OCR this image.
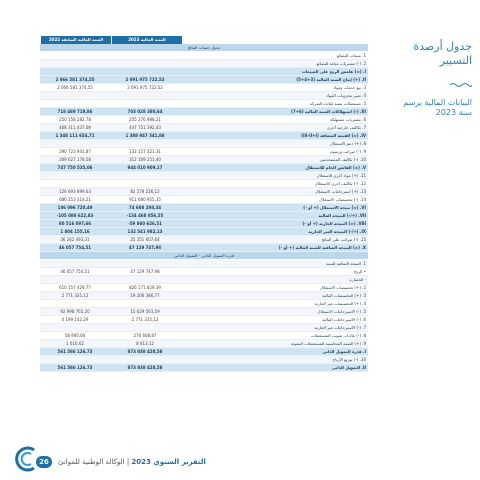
جدول أرصدة التسيير
البيانات المالية برسم سنة 2023
السنة المالية 2023
السنة المالية السابقة 2022
جدول حساب النتائج
1. مبيعات البضائع
2. (-) مشتريات مباعة للبضائع
I. (=) هامش الربح على المبيعات
II. (+) إنتاج السنة المالية (3+4+5)
2 091 975 722,52
2 066 581 374,55
3. بيع خدمات ومواد
2 091 975 722,52
2 066 581 374,55
4. تغيير مخزونات المواد
5. مستعملات مثبتة لفائدة الشركة
III. (-) استهلاكات السنة المالية (6+7)
703 028 380,64
718 469 719,86
6. مشتريات مستهلكة
255 276 988,21
250 158 282,78
7. تكاليف خارجية أخرى
447 751 392,43
468 311 437,08
IV. (=) القيمة المضافة (III-II+I)
1 388 947 341,88
1 348 111 654,71
8. (+) دعم الاستغلال
9. (-) ضرائب ورسوم
132 157 321,31
290 723 941,87
10. (-) تكاليف المستخدمين
312 169 251,40
309 627 178,58
V. (=) الفائض الخام للاستغلال
944 010 909,17
747 750 535,06
11. (+) مواد أخرى للاستغلال
12. (-) تكاليف أخرى للاستغلال
13. (+) استرجاعات الاستغلال
82 578 226,12
126 693 899,63
14. (-) تخصيصات الاستغلال
911 680 955,35
686 353 314,21
VI. (=) نتيجة الاستغلال (+ أو -)
74 608 298,34
186 096 720,49
VII. (+/-) النتيجة المالية
-134 468 856,55
-105 080 622,83
VIII. (=) النتيجة الجارية (+ أو -)
-59 860 626,51
80 516 097,66
IX. (+/-) النتيجة الغير الجارية
132 541 982,13
1 804 155,16
15. (-) ضرائب على النتائج
25 351 607,64
36 262 493,31
X. (=) النتيجة الصافية للسنة المالية (+ أو -)
47 129 747,98
46 057 754,51
قدرة التمويل الذاتي - التمويل الذاتي
1. النتيجة الصافية للسنة
• الربح
47 129 747,98
46 057 754,51
- الخسارة
2. (+) تخصيصات الاستغلال
826 171 829,39
610 157 429,77
3. (+) التخصيصات المالية
19 206 386,77
2 771 335,12
4. (+) التخصيصات غير الجارية
5. (-) الاسترجاعات الاستغلال
15 629 563,59
92 998 765,20
6. (-) الاسترجاعات المالية
2 771 335,12
4 199 142,29
7. (-) الاسترجاعات غير الجارية
8. (-) عائدات تفويت المستعملات
276 608,87
58 900,00
9. (+) القيمة المحاسبية للمستعملات المفوتة
8 013,12
1 016,62
I. قدرة التمويل الذاتي
873 838 428,58
561 586 126,73
10. (-) توزيع الأرباح
II. التمويل الذاتي
873 838 428,58
561 586 126,73
26	التقرير السنوي 2023 | الوكالة الوطنية للموانئ
